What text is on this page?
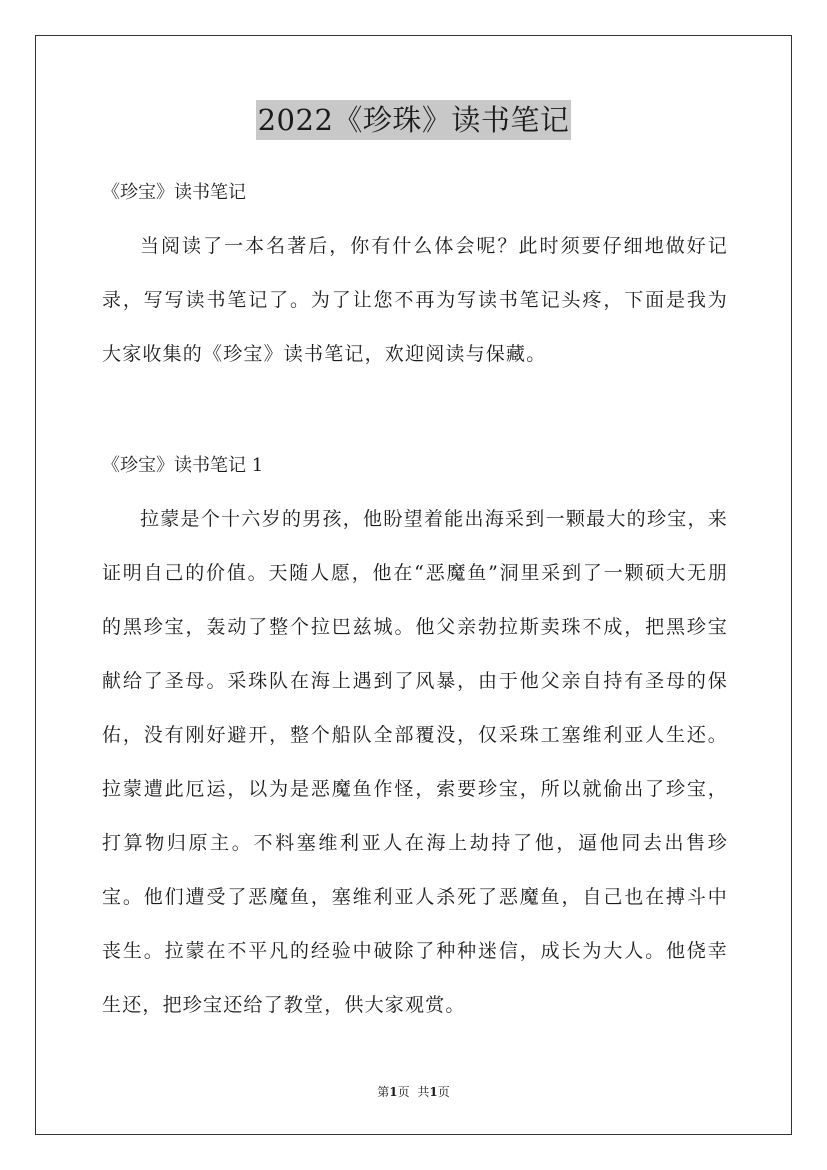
2022《珍珠》读书笔记
《珍宝》读书笔记
当阅读了一本名著后，你有什么体会呢？此时须要仔细地做好记录，写写读书笔记了。为了让您不再为写读书笔记头疼，下面是我为大家收集的《珍宝》读书笔记，欢迎阅读与保藏。
《珍宝》读书笔记 1
拉蒙是个十六岁的男孩，他盼望着能出海采到一颗最大的珍宝，来证明自己的价值。天随人愿，他在“恶魔鱼”洞里采到了一颗硕大无朋的黑珍宝，轰动了整个拉巴兹城。他父亲勃拉斯卖珠不成，把黑珍宝献给了圣母。采珠队在海上遇到了风暴，由于他父亲自持有圣母的保佑，没有刚好避开，整个船队全部覆没，仅采珠工塞维利亚人生还。拉蒙遭此厄运，以为是恶魔鱼作怪，索要珍宝，所以就偷出了珍宝，打算物归原主。不料塞维利亚人在海上劫持了他，逼他同去出售珍宝。他们遭受了恶魔鱼，塞维利亚人杀死了恶魔鱼，自己也在搏斗中丧生。拉蒙在不平凡的经验中破除了种种迷信，成长为大人。他侥幸生还，把珍宝还给了教堂，供大家观赏。
第1页 共1页
